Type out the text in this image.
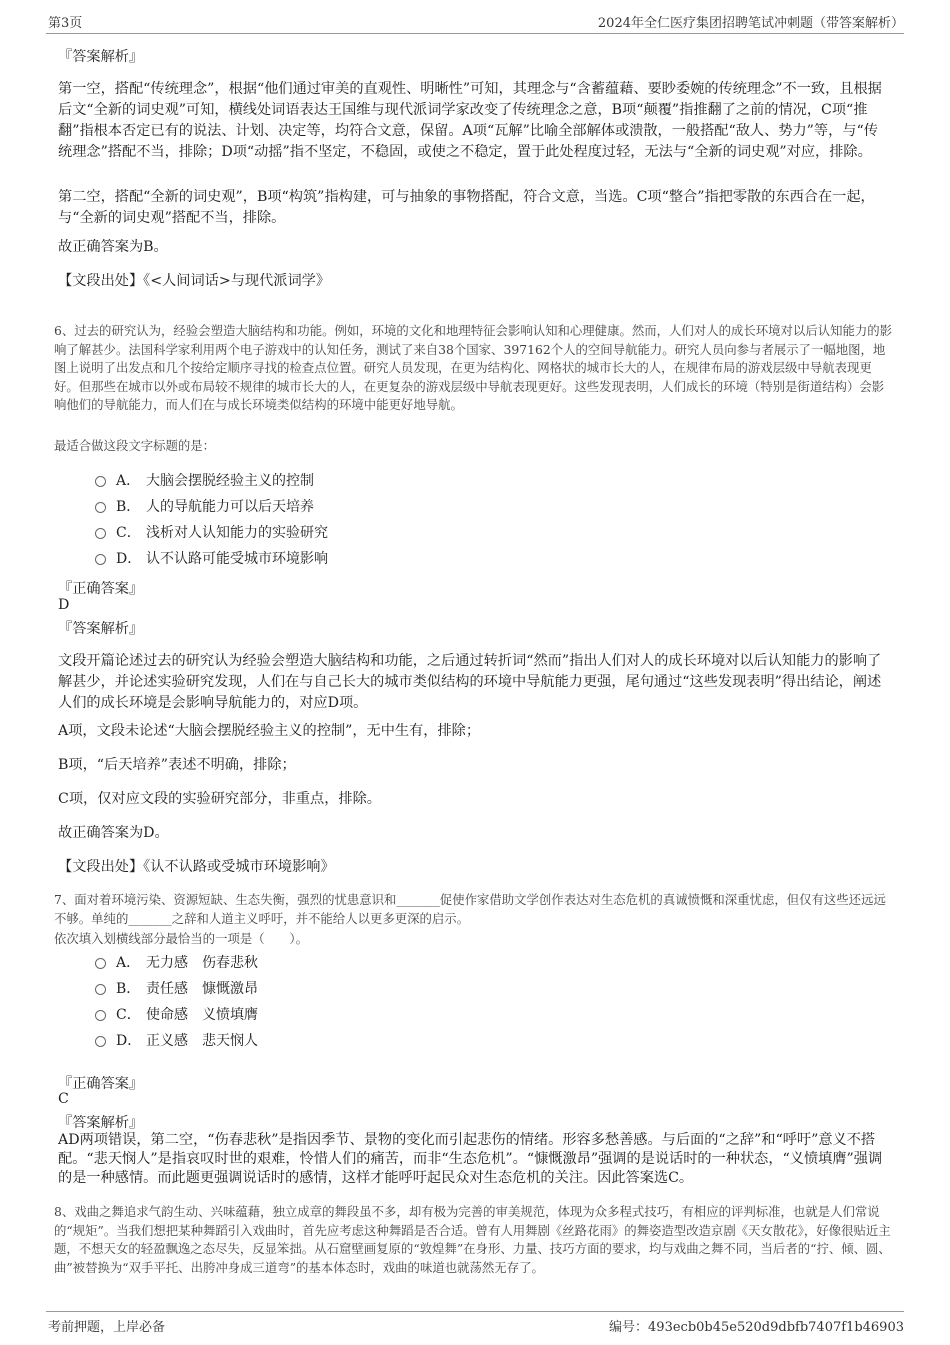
第3页	2024年全仁医疗集团招聘笔试冲刺题（带答案解析）

『答案解析』

第一空，搭配“传统理念”，根据“他们通过审美的直观性、明晰性”可知，其理念与“含蓄蕴藉、要眇委婉的传统理念”不一致，且根据后文“全新的词史观”可知，横线处词语表达王国维与现代派词学家改变了传统理念之意，B项“颠覆”指推翻了之前的情况，C项“推翻”指根本否定已有的说法、计划、决定等，均符合文意，保留。A项“瓦解”比喻全部解体或溃散，一般搭配“敌人、势力”等，与“传统理念”搭配不当，排除；D项“动摇”指不坚定，不稳固，或使之不稳定，置于此处程度过轻，无法与“全新的词史观”对应，排除。

第二空，搭配“全新的词史观”，B项“构筑”指构建，可与抽象的事物搭配，符合文意，当选。C项“整合”指把零散的东西合在一起，与“全新的词史观”搭配不当，排除。

故正确答案为B。

【文段出处】《<人间词话>与现代派词学》

6、过去的研究认为，经验会塑造大脑结构和功能。例如，环境的文化和地理特征会影响认知和心理健康。然而，人们对人的成长环境对以后认知能力的影响了解甚少。法国科学家利用两个电子游戏中的认知任务，测试了来自38个国家、397162个人的空间导航能力。研究人员向参与者展示了一幅地图，地图上说明了出发点和几个按给定顺序寻找的检查点位置。研究人员发现，在更为结构化、网格状的城市长大的人，在规律布局的游戏层级中导航表现更好。但那些在城市以外或布局较不规律的城市长大的人，在更复杂的游戏层级中导航表现更好。这些发现表明，人们成长的环境（特别是街道结构）会影响他们的导航能力，而人们在与成长环境类似结构的环境中能更好地导航。

最适合做这段文字标题的是：

A． 大脑会摆脱经验主义的控制
B． 人的导航能力可以后天培养
C． 浅析对人认知能力的实验研究
D． 认不认路可能受城市环境影响

『正确答案』

D

『答案解析』

文段开篇论述过去的研究认为经验会塑造大脑结构和功能，之后通过转折词“然而”指出人们对人的成长环境对以后认知能力的影响了解甚少，并论述实验研究发现，人们在与自己长大的城市类似结构的环境中导航能力更强，尾句通过“这些发现表明”得出结论，阐述人们的成长环境是会影响导航能力的，对应D项。

A项，文段未论述“大脑会摆脱经验主义的控制”，无中生有，排除；

B项，“后天培养”表述不明确，排除；

C项，仅对应文段的实验研究部分，非重点，排除。

故正确答案为D。

【文段出处】《认不认路或受城市环境影响》

7、面对着环境污染、资源短缺、生态失衡，强烈的忧患意识和_______促使作家借助文学创作表达对生态危机的真诚愤慨和深重忧虑，但仅有这些还远远不够。单纯的_______之辞和人道主义呼吁，并不能给人以更多更深的启示。

依次填入划横线部分最恰当的一项是（　　）。

A． 无力感　伤春悲秋
B． 责任感　慷慨激昂
C． 使命感　义愤填膺
D． 正义感　悲天悯人

『正确答案』

C

『答案解析』

AD两项错误，第二空，“伤春悲秋”是指因季节、景物的变化而引起悲伤的情绪。形容多愁善感。与后面的“之辞”和“呼吁”意义不搭配。“悲天悯人”是指哀叹时世的艰难，怜惜人们的痛苦，而非“生态危机”。“慷慨激昂”强调的是说话时的一种状态，“义愤填膺”强调的是一种感情。而此题更强调说话时的感情，这样才能呼吁起民众对生态危机的关注。因此答案选C。

8、戏曲之舞追求气韵生动、兴味蕴藉，独立成章的舞段虽不多，却有极为完善的审美规范，体现为众多程式技巧，有相应的评判标准，也就是人们常说的“规矩”。当我们想把某种舞蹈引入戏曲时，首先应考虑这种舞蹈是否合适。曾有人用舞剧《丝路花雨》的舞姿造型改造京剧《天女散花》，好像很贴近主题，不想天女的轻盈飘逸之态尽失，反显笨拙。从石窟壁画复原的“敦煌舞”在身形、力量、技巧方面的要求，均与戏曲之舞不同，当后者的“拧、倾、圆、曲”被替换为“双手平托、出胯冲身成三道弯”的基本体态时，戏曲的味道也就荡然无存了。

考前押题，上岸必备	编号：493ecb0b45e520d9dbfb7407f1b46903
